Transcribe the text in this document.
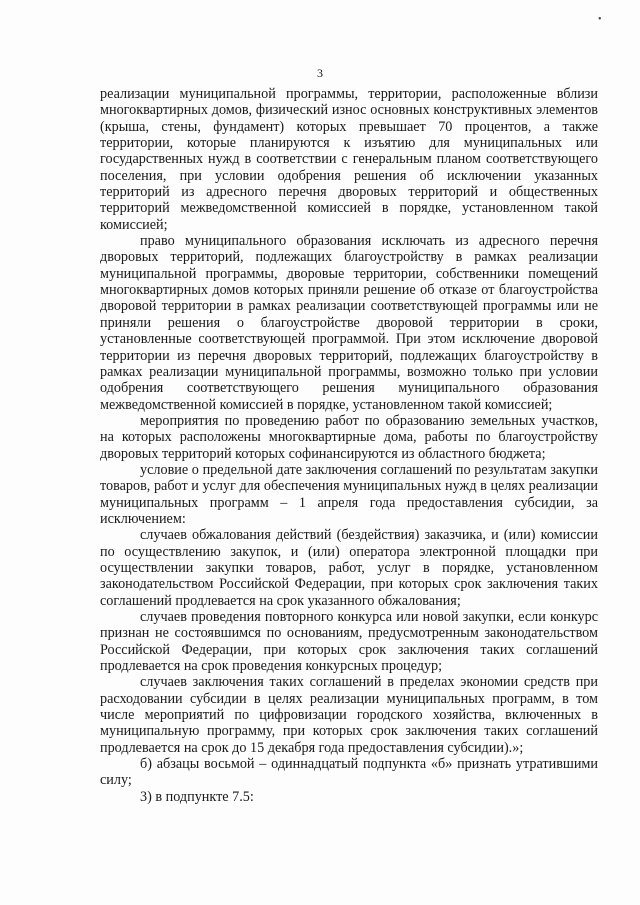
•
3

реализации муниципальной программы, территории, расположенные вблизи многоквартирных домов, физический износ основных конструктивных элементов (крыша, стены, фундамент) которых превышает 70 процентов, а также территории, которые планируются к изъятию для муниципальных или государственных нужд в соответствии с генеральным планом соответствующего поселения, при условии одобрения решения об исключении указанных территорий из адресного перечня дворовых территорий и общественных территорий межведомственной комиссией в порядке, установленном такой комиссией;

право муниципального образования исключать из адресного перечня дворовых территорий, подлежащих благоустройству в рамках реализации муниципальной программы, дворовые территории, собственники помещений многоквартирных домов которых приняли решение об отказе от благоустройства дворовой территории в рамках реализации соответствующей программы или не приняли решения о благоустройстве дворовой территории в сроки, установленные соответствующей программой. При этом исключение дворовой территории из перечня дворовых территорий, подлежащих благоустройству в рамках реализации муниципальной программы, возможно только при условии одобрения соответствующего решения муниципального образования межведомственной комиссией в порядке, установленном такой комиссией;

мероприятия по проведению работ по образованию земельных участков, на которых расположены многоквартирные дома, работы по благоустройству дворовых территорий которых софинансируются из областного бюджета;

условие о предельной дате заключения соглашений по результатам закупки товаров, работ и услуг для обеспечения муниципальных нужд в целях реализации муниципальных программ – 1 апреля года предоставления субсидии, за исключением:

случаев обжалования действий (бездействия) заказчика, и (или) комиссии по осуществлению закупок, и (или) оператора электронной площадки при осуществлении закупки товаров, работ, услуг в порядке, установленном законодательством Российской Федерации, при которых срок заключения таких соглашений продлевается на срок указанного обжалования;

случаев проведения повторного конкурса или новой закупки, если конкурс признан не состоявшимся по основаниям, предусмотренным законодательством Российской Федерации, при которых срок заключения таких соглашений продлевается на срок проведения конкурсных процедур;

случаев заключения таких соглашений в пределах экономии средств при расходовании субсидии в целях реализации муниципальных программ, в том числе мероприятий по цифровизации городского хозяйства, включенных в муниципальную программу, при которых срок заключения таких соглашений продлевается на срок до 15 декабря года предоставления субсидии).»;

б) абзацы восьмой – одиннадцатый подпункта «б» признать утратившими силу;

3) в подпункте 7.5:
